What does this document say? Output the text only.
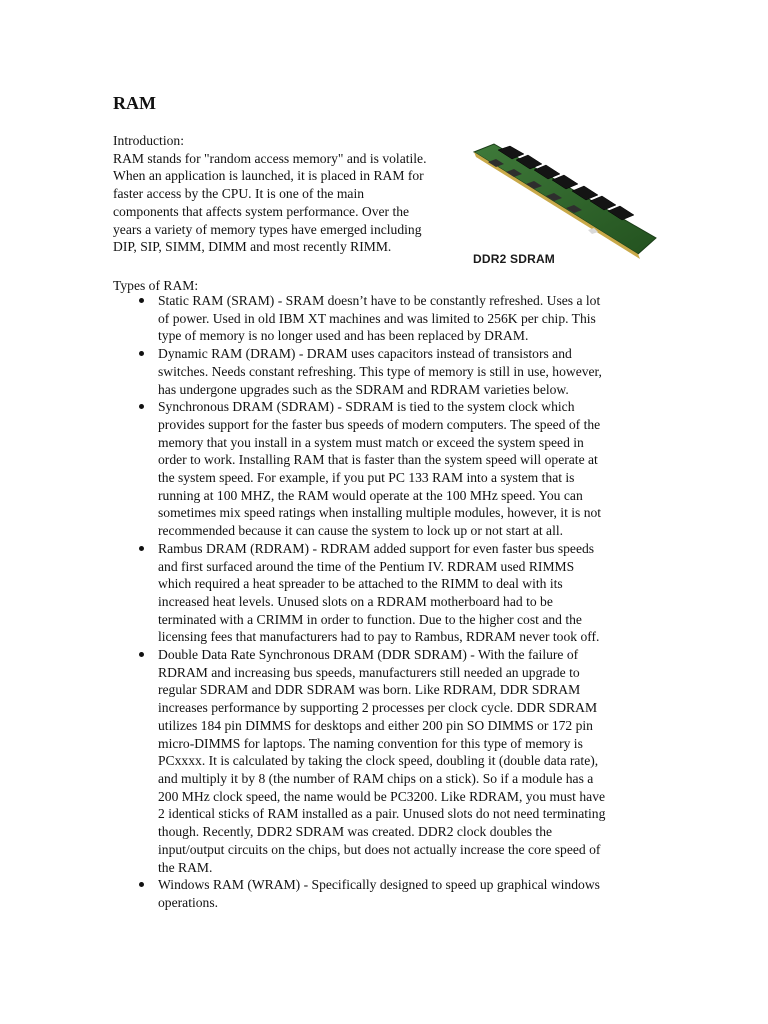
RAM

Introduction:

RAM stands for "random access memory" and is volatile.

When an application is launched, it is placed in RAM for

faster access by the CPU. It is one of the main

components that affects system performance. Over the

years a variety of memory types have emerged including

DIP, SIP, SIMM, DIMM and most recently RIMM.

Types of RAM:

Static RAM (SRAM) - SRAM doesn’t have to be constantly refreshed. Uses a lot

of power. Used in old IBM XT machines and was limited to 256K per chip. This

type of memory is no longer used and has been replaced by DRAM.

Dynamic RAM (DRAM) - DRAM uses capacitors instead of transistors and

switches. Needs constant refreshing. This type of memory is still in use, however,

has undergone upgrades such as the SDRAM and RDRAM varieties below.

Synchronous DRAM (SDRAM) - SDRAM is tied to the system clock which

provides support for the faster bus speeds of modern computers. The speed of the

memory that you install in a system must match or exceed the system speed in

order to work. Installing RAM that is faster than the system speed will operate at

the system speed. For example, if you put PC 133 RAM into a system that is

running at 100 MHZ, the RAM would operate at the 100 MHz speed. You can

sometimes mix speed ratings when installing multiple modules, however, it is not

recommended because it can cause the system to lock up or not start at all.

Rambus DRAM (RDRAM) - RDRAM added support for even faster bus speeds

and first surfaced around the time of the Pentium IV. RDRAM used RIMMS

which required a heat spreader to be attached to the RIMM to deal with its

increased heat levels. Unused slots on a RDRAM motherboard had to be

terminated with a CRIMM in order to function. Due to the higher cost and the

licensing fees that manufacturers had to pay to Rambus, RDRAM never took off.

Double Data Rate Synchronous DRAM (DDR SDRAM) - With the failure of

RDRAM and increasing bus speeds, manufacturers still needed an upgrade to

regular SDRAM and DDR SDRAM was born. Like RDRAM, DDR SDRAM

increases performance by supporting 2 processes per clock cycle. DDR SDRAM

utilizes 184 pin DIMMS for desktops and either 200 pin SO DIMMS or 172 pin

micro-DIMMS for laptops. The naming convention for this type of memory is

PCxxxx. It is calculated by taking the clock speed, doubling it (double data rate),

and multiply it by 8 (the number of RAM chips on a stick). So if a module has a

200 MHz clock speed, the name would be PC3200. Like RDRAM, you must have

2 identical sticks of RAM installed as a pair. Unused slots do not need terminating

though. Recently, DDR2 SDRAM was created. DDR2 clock doubles the

input/output circuits on the chips, but does not actually increase the core speed of

the RAM.

Windows RAM (WRAM) - Specifically designed to speed up graphical windows

operations.

DDR2 SDRAM
